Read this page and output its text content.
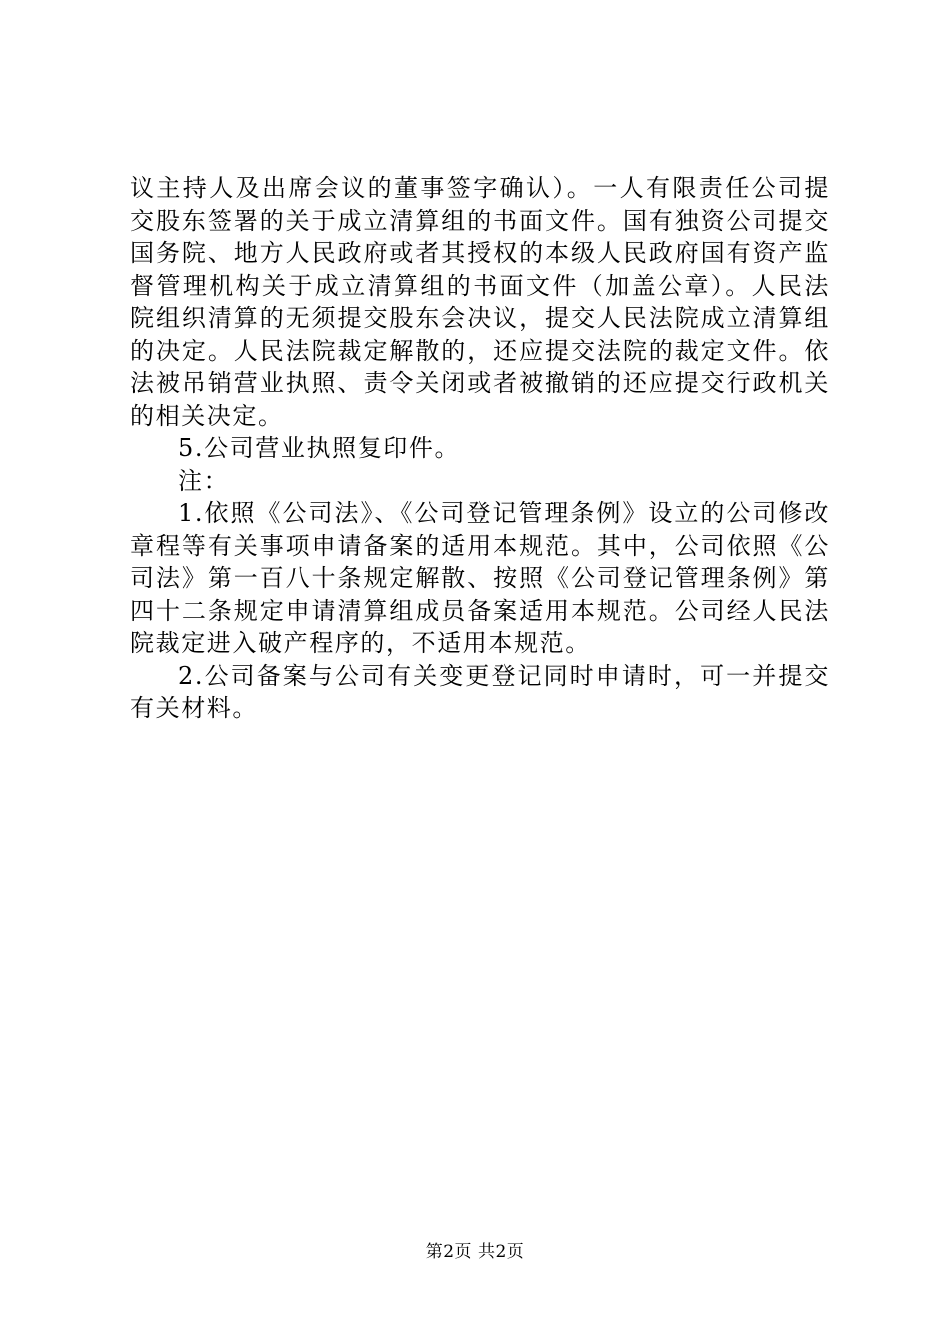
议主持人及出席会议的董事签字确认）。一人有限责任公司提交股东签署的关于成立清算组的书面文件。国有独资公司提交国务院、地方人民政府或者其授权的本级人民政府国有资产监督管理机构关于成立清算组的书面文件（加盖公章）。人民法院组织清算的无须提交股东会决议，提交人民法院成立清算组的决定。人民法院裁定解散的，还应提交法院的裁定文件。依法被吊销营业执照、责令关闭或者被撤销的还应提交行政机关的相关决定。

5.公司营业执照复印件。

注：

1.依照《公司法》、《公司登记管理条例》设立的公司修改章程等有关事项申请备案的适用本规范。其中，公司依照《公司法》第一百八十条规定解散、按照《公司登记管理条例》第四十二条规定申请清算组成员备案适用本规范。公司经人民法院裁定进入破产程序的，不适用本规范。

2.公司备案与公司有关变更登记同时申请时，可一并提交有关材料。

第2页 共2页
